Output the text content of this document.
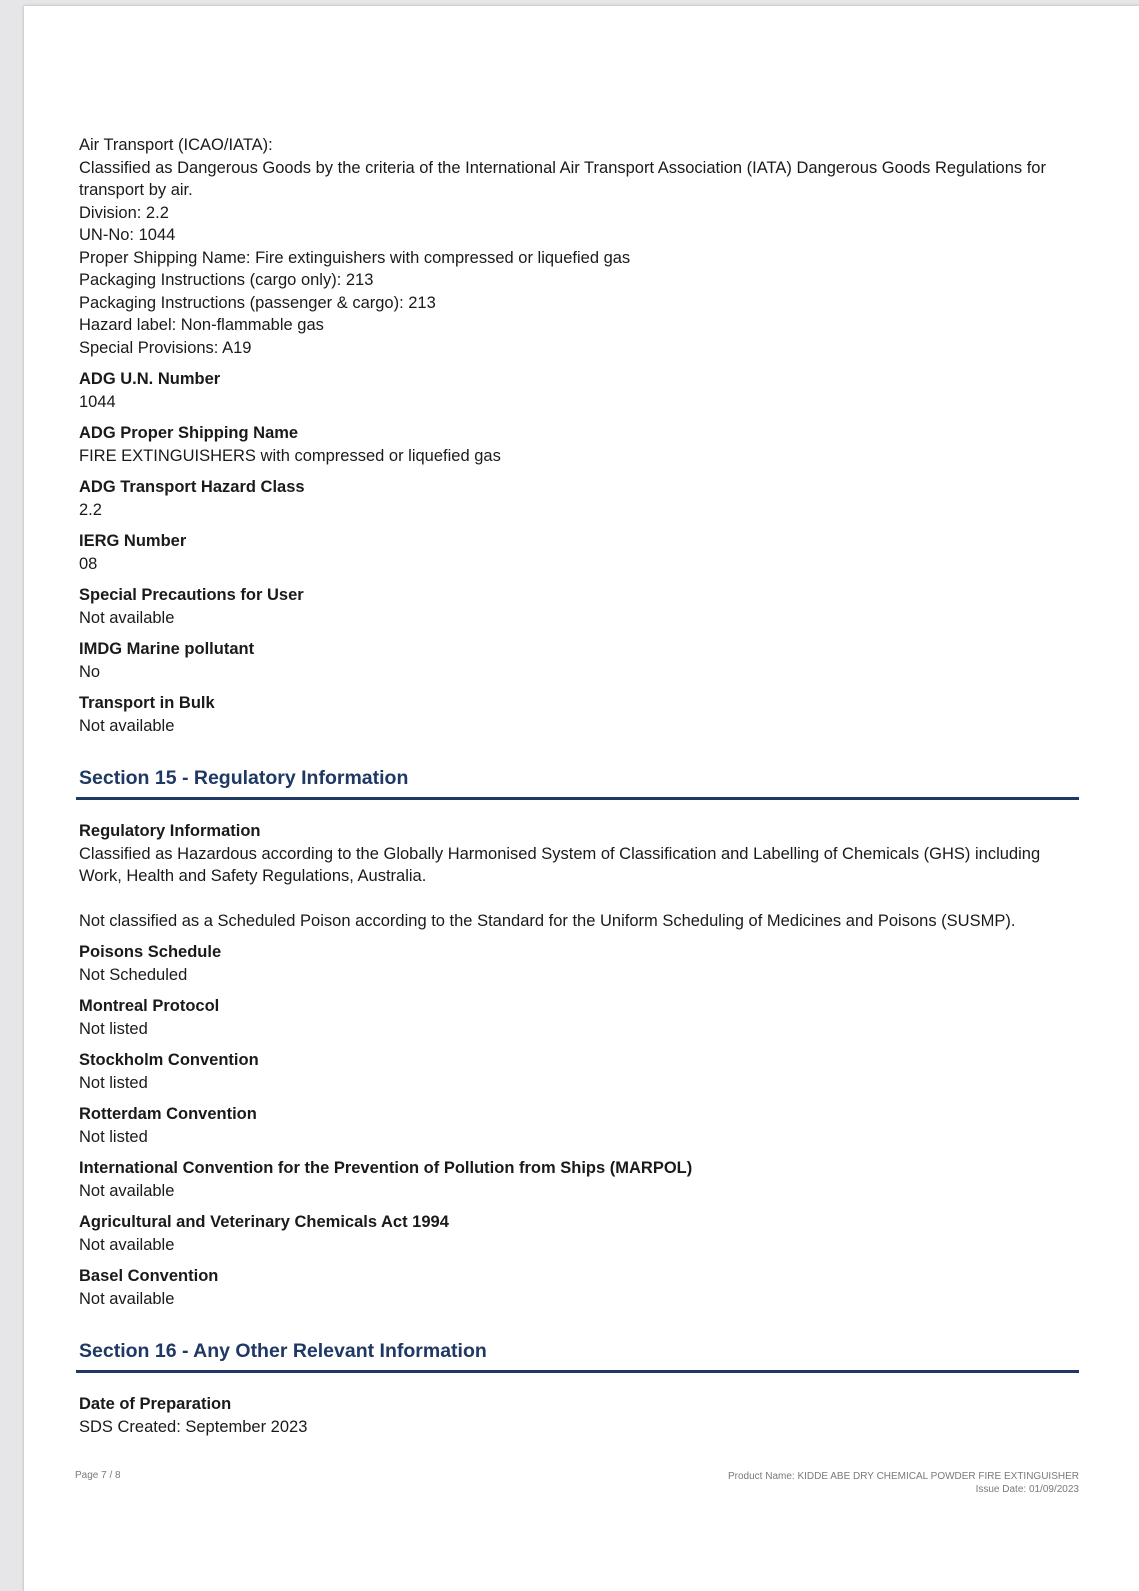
Air Transport (ICAO/IATA):
Classified as Dangerous Goods by the criteria of the International Air Transport Association (IATA) Dangerous Goods Regulations for
transport by air.
Division: 2.2
UN-No: 1044
Proper Shipping Name: Fire extinguishers with compressed or liquefied gas
Packaging Instructions (cargo only): 213
Packaging Instructions (passenger & cargo): 213
Hazard label: Non-flammable gas
Special Provisions: A19
ADG U.N. Number
1044
ADG Proper Shipping Name
FIRE EXTINGUISHERS with compressed or liquefied gas
ADG Transport Hazard Class
2.2
IERG Number
08
Special Precautions for User
Not available
IMDG Marine pollutant
No
Transport in Bulk
Not available
Section 15 - Regulatory Information
Regulatory Information
Classified as Hazardous according to the Globally Harmonised System of Classification and Labelling of Chemicals (GHS) including
Work, Health and Safety Regulations, Australia.
Not classified as a Scheduled Poison according to the Standard for the Uniform Scheduling of Medicines and Poisons (SUSMP).
Poisons Schedule
Not Scheduled
Montreal Protocol
Not listed
Stockholm Convention
Not listed
Rotterdam Convention
Not listed
International Convention for the Prevention of Pollution from Ships (MARPOL)
Not available
Agricultural and Veterinary Chemicals Act 1994
Not available
Basel Convention
Not available
Section 16 - Any Other Relevant Information
Date of Preparation
SDS Created: September 2023
Page 7 / 8	Product Name: KIDDE ABE DRY CHEMICAL POWDER FIRE EXTINGUISHER
Issue Date: 01/09/2023
